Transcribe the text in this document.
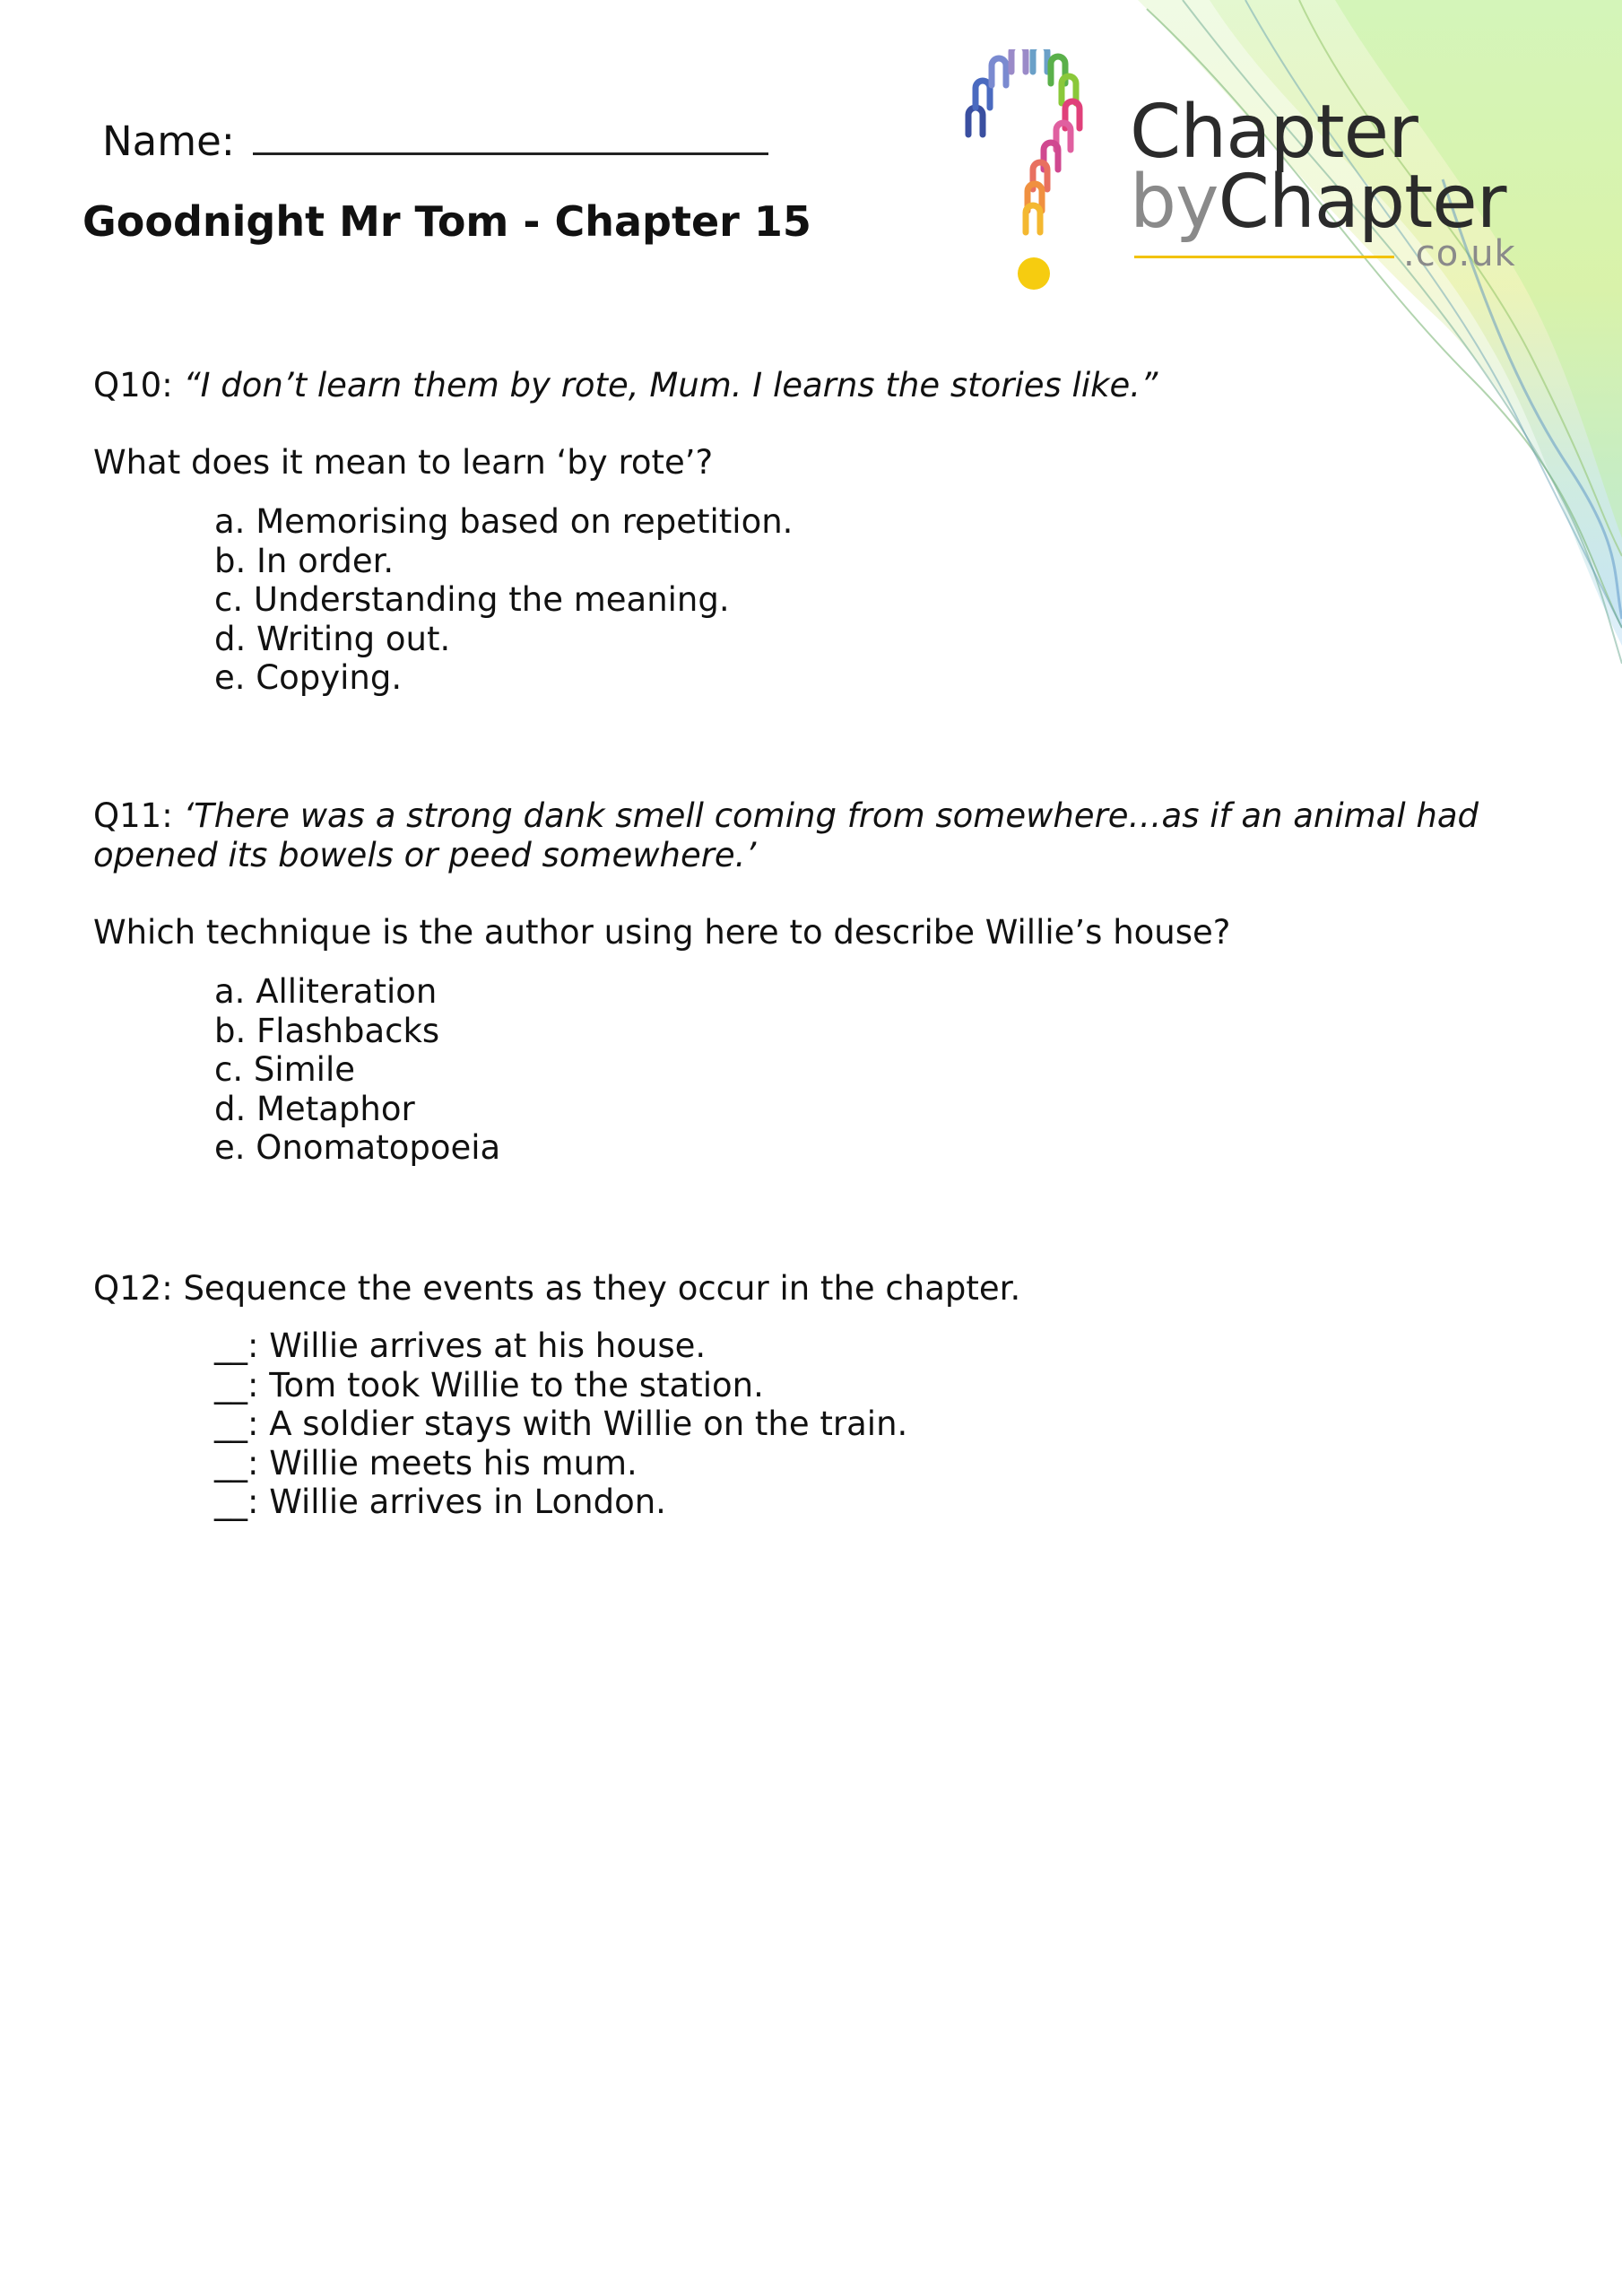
Chapter
byChapter
.co.uk
Name:
Goodnight Mr Tom - Chapter 15
Q10: “I don’t learn them by rote, Mum. I learns the stories like.”
What does it mean to learn ‘by rote’?
a. Memorising based on repetition.
b. In order.
c. Understanding the meaning.
d. Writing out.
e. Copying.
Q11: ‘There was a strong dank smell coming from somewhere…as if an animal had opened its bowels or peed somewhere.’
Which technique is the author using here to describe Willie’s house?
a. Alliteration
b. Flashbacks
c. Simile
d. Metaphor
e. Onomatopoeia
Q12: Sequence the events as they occur in the chapter.
__: Willie arrives at his house.
__: Tom took Willie to the station.
__: A soldier stays with Willie on the train.
__: Willie meets his mum.
__: Willie arrives in London.
